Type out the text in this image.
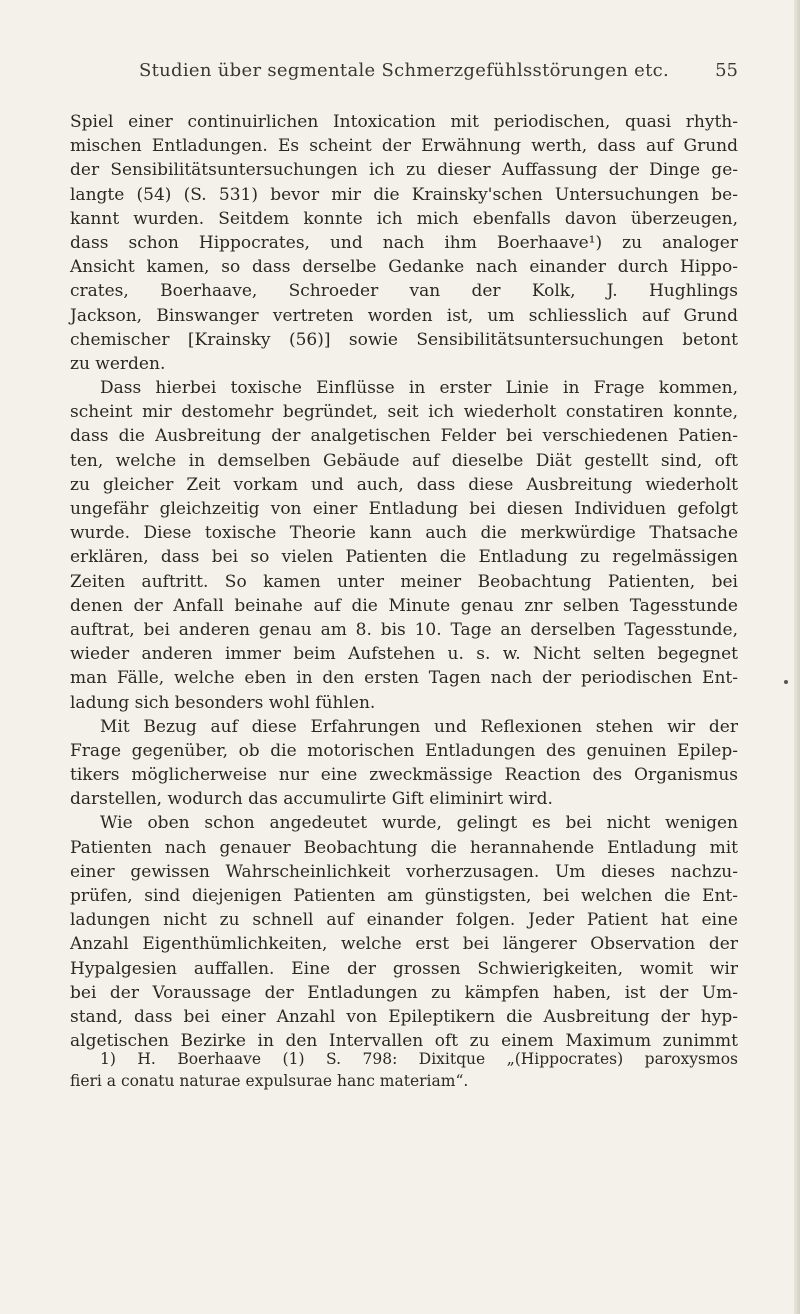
Studien über segmentale Schmerzgefühlsstörungen etc.	55
Spiel einer continuirlichen Intoxication mit periodischen, quasi rhyth-
mischen Entladungen. Es scheint der Erwähnung werth, dass auf Grund
der Sensibilitätsuntersuchungen ich zu dieser Auffassung der Dinge ge-
langte (54) (S. 531) bevor mir die Krainsky'schen Untersuchungen be-
kannt wurden. Seitdem konnte ich mich ebenfalls davon überzeugen,
dass schon Hippocrates, und nach ihm Boerhaave¹) zu analoger
Ansicht kamen, so dass derselbe Gedanke nach einander durch Hippo-
crates, Boerhaave, Schroeder van der Kolk, J. Hughlings
Jackson, Binswanger vertreten worden ist, um schliesslich auf Grund
chemischer [Krainsky (56)] sowie Sensibilitätsuntersuchungen betont
zu werden.
Dass hierbei toxische Einflüsse in erster Linie in Frage kommen,
scheint mir destomehr begründet, seit ich wiederholt constatiren konnte,
dass die Ausbreitung der analgetischen Felder bei verschiedenen Patien-
ten, welche in demselben Gebäude auf dieselbe Diät gestellt sind, oft
zu gleicher Zeit vorkam und auch, dass diese Ausbreitung wiederholt
ungefähr gleichzeitig von einer Entladung bei diesen Individuen gefolgt
wurde. Diese toxische Theorie kann auch die merkwürdige Thatsache
erklären, dass bei so vielen Patienten die Entladung zu regelmässigen
Zeiten auftritt. So kamen unter meiner Beobachtung Patienten, bei
denen der Anfall beinahe auf die Minute genau znr selben Tagesstunde
auftrat, bei anderen genau am 8. bis 10. Tage an derselben Tagesstunde,
wieder anderen immer beim Aufstehen u. s. w. Nicht selten begegnet
man Fälle, welche eben in den ersten Tagen nach der periodischen Ent-
ladung sich besonders wohl fühlen.
Mit Bezug auf diese Erfahrungen und Reflexionen stehen wir der
Frage gegenüber, ob die motorischen Entladungen des genuinen Epilep-
tikers möglicherweise nur eine zweckmässige Reaction des Organismus
darstellen, wodurch das accumulirte Gift eliminirt wird.
Wie oben schon angedeutet wurde, gelingt es bei nicht wenigen
Patienten nach genauer Beobachtung die herannahende Entladung mit
einer gewissen Wahrscheinlichkeit vorherzusagen. Um dieses nachzu-
prüfen, sind diejenigen Patienten am günstigsten, bei welchen die Ent-
ladungen nicht zu schnell auf einander folgen. Jeder Patient hat eine
Anzahl Eigenthümlichkeiten, welche erst bei längerer Observation der
Hypalgesien auffallen. Eine der grossen Schwierigkeiten, womit wir
bei der Voraussage der Entladungen zu kämpfen haben, ist der Um-
stand, dass bei einer Anzahl von Epileptikern die Ausbreitung der hyp-
algetischen Bezirke in den Intervallen oft zu einem Maximum zunimmt
1) H. Boerhaave (1) S. 798: Dixitque „(Hippocrates) paroxysmos
fieri a conatu naturae expulsurae hanc materiam“.
